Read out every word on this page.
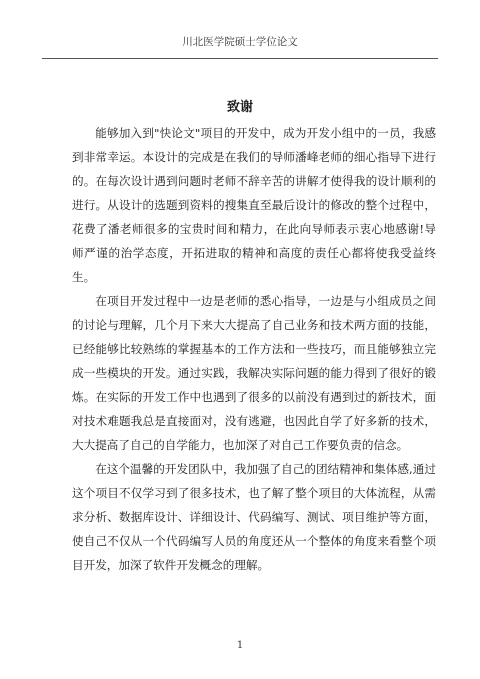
川北医学院硕士学位论文
致谢

能够加入到"快论文"项目的开发中，成为开发小组中的一员，我感到非常幸运。本设计的完成是在我们的导师潘峰老师的细心指导下进行的。在每次设计遇到问题时老师不辞辛苦的讲解才使得我的设计顺利的进行。从设计的选题到资料的搜集直至最后设计的修改的整个过程中，花费了潘老师很多的宝贵时间和精力，在此向导师表示衷心地感谢!导师严谨的治学态度，开拓进取的精神和高度的责任心都将使我受益终生。

在项目开发过程中一边是老师的悉心指导，一边是与小组成员之间的讨论与理解，几个月下来大大提高了自己业务和技术两方面的技能，已经能够比较熟练的掌握基本的工作方法和一些技巧，而且能够独立完成一些模块的开发。通过实践，我解决实际问题的能力得到了很好的锻炼。在实际的开发工作中也遇到了很多的以前没有遇到过的新技术，面对技术难题我总是直接面对，没有逃避，也因此自学了好多新的技术，大大提高了自己的自学能力，也加深了对自己工作要负责的信念。

在这个温馨的开发团队中，我加强了自己的团结精神和集体感,通过这个项目不仅学习到了很多技术，也了解了整个项目的大体流程，从需求分析、数据库设计、详细设计、代码编写、测试、项目维护等方面，使自己不仅从一个代码编写人员的角度还从一个整体的角度来看整个项目开发，加深了软件开发概念的理解。

1
